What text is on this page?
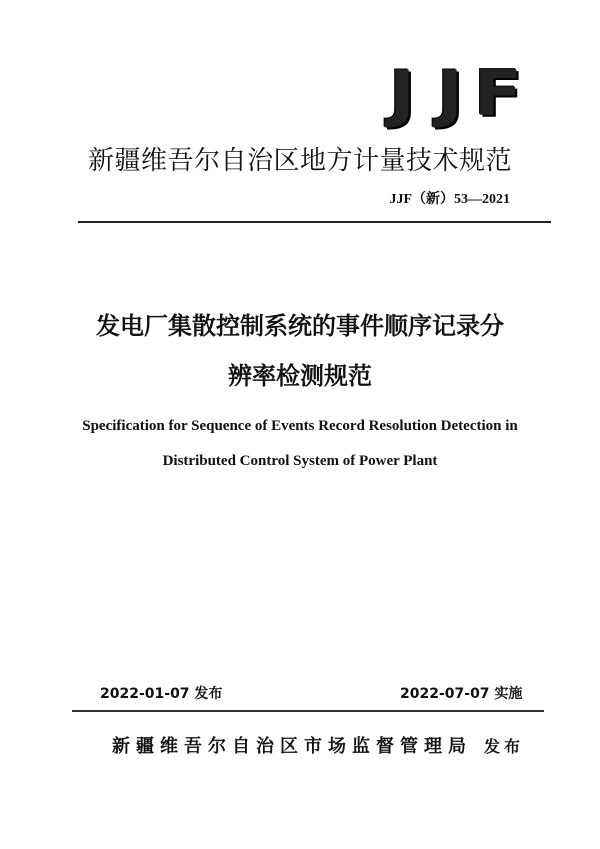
J J F
新疆维吾尔自治区地方计量技术规范
JJF（新）53—2021
发电厂集散控制系统的事件顺序记录分
辨率检测规范
Specification for Sequence of Events Record Resolution Detection in
Distributed Control System of Power Plant
2022-01-07 发布	2022-07-07 实施
新疆维吾尔自治区市场监督管理局 发布
